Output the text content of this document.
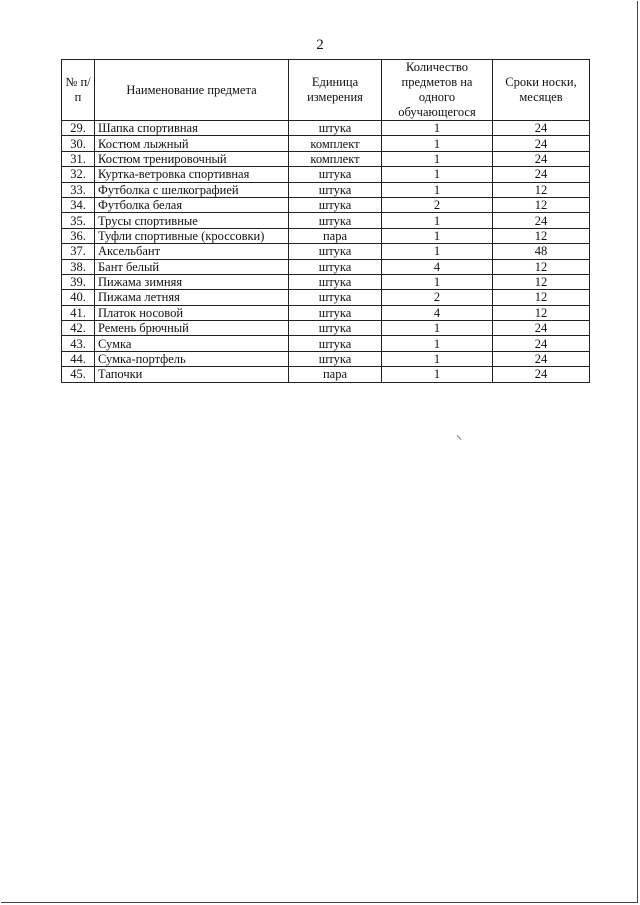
2
№ п/п	Наименование предмета	Единица измерения	Количество предметов на одного обучающегося	Сроки носки, месяцев
29.	Шапка спортивная	штука	1	24
30.	Костюм лыжный	комплект	1	24
31.	Костюм тренировочный	комплект	1	24
32.	Куртка-ветровка спортивная	штука	1	24
33.	Футболка с шелкографией	штука	1	12
34.	Футболка белая	штука	2	12
35.	Трусы спортивные	штука	1	24
36.	Туфли спортивные (кроссовки)	пара	1	12
37.	Аксельбант	штука	1	48
38.	Бант белый	штука	4	12
39.	Пижама зимняя	штука	1	12
40.	Пижама летняя	штука	2	12
41.	Платок носовой	штука	4	12
42.	Ремень брючный	штука	1	24
43.	Сумка	штука	1	24
44.	Сумка-портфель	штука	1	24
45.	Тапочки	пара	1	24
